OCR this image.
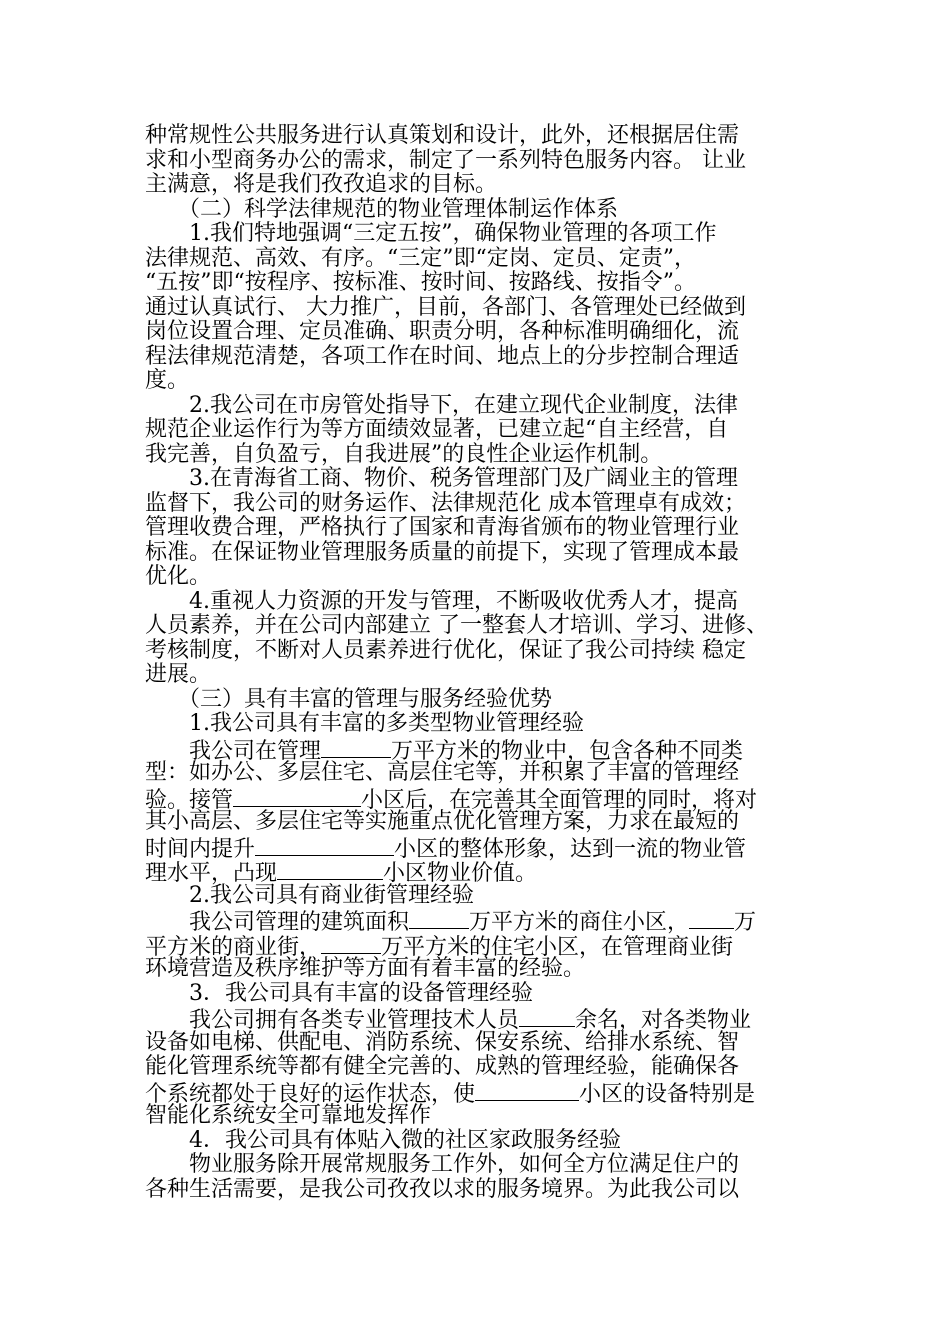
种常规性公共服务进行认真策划和设计，此外，还根据居住需
求和小型商务办公的需求，制定了一系列特色服务内容。 让业
主满意，将是我们孜孜追求的目标。
　　（二）科学法律规范的物业管理体制运作体系
　　1.我们特地强调“三定五按”，确保物业管理的各项工作
法律规范、高效、有序。“三定”即“定岗、定员、定责”，
“五按”即“按程序、按标准、按时间、按路线、按指令”。
通过认真试行、 大力推广，目前，各部门、各管理处已经做到
岗位设置合理、定员准确、职责分明，各种标准明确细化，流
程法律规范清楚，各项工作在时间、地点上的分步控制合理适
度。
　　2.我公司在市房管处指导下，在建立现代企业制度，法律
规范企业运作行为等方面绩效显著，已建立起“自主经营，自
我完善，自负盈亏，自我进展”的良性企业运作机制。
　　3.在青海省工商、物价、税务管理部门及广阔业主的管理
监督下，我公司的财务运作、法律规范化 成本管理卓有成效；
管理收费合理，严格执行了国家和青海省颁布的物业管理行业
标准。在保证物业管理服务质量的前提下，实现了管理成本最
优化。
　　4.重视人力资源的开发与管理，不断吸收优秀人才，提高
人员素养，并在公司内部建立 了一整套人才培训、学习、进修、
考核制度，不断对人员素养进行优化，保证了我公司持续 稳定
进展。
　　（三）具有丰富的管理与服务经验优势
　　1.我公司具有丰富的多类型物业管理经验
　　我公司在管理	万平方米的物业中，包含各种不同类
型：如办公、多层住宅、高层住宅等，并积累了丰富的管理经
验。接管	小区后，在完善其全面管理的同时，将对
其小高层、多层住宅等实施重点优化管理方案，力求在最短的
时间内提升	小区的整体形象，达到一流的物业管
理水平，凸现	小区物业价值。
　　2.我公司具有商业街管理经验
　　我公司管理的建筑面积	万平方米的商住小区， 万
平方米的商业街，	万平方米的住宅小区，在管理商业街
环境营造及秩序维护等方面有着丰富的经验。
　　3．我公司具有丰富的设备管理经验
　　我公司拥有各类专业管理技术人员	余名，对各类物业
设备如电梯、供配电、消防系统、保安系统、给排水系统、智
能化管理系统等都有健全完善的、成熟的管理经验，能确保各
个系统都处于良好的运作状态，使	小区的设备特别是
智能化系统安全可靠地发挥作
　　4．我公司具有体贴入微的社区家政服务经验
　　物业服务除开展常规服务工作外，如何全方位满足住户的
各种生活需要，是我公司孜孜以求的服务境界。为此我公司以
